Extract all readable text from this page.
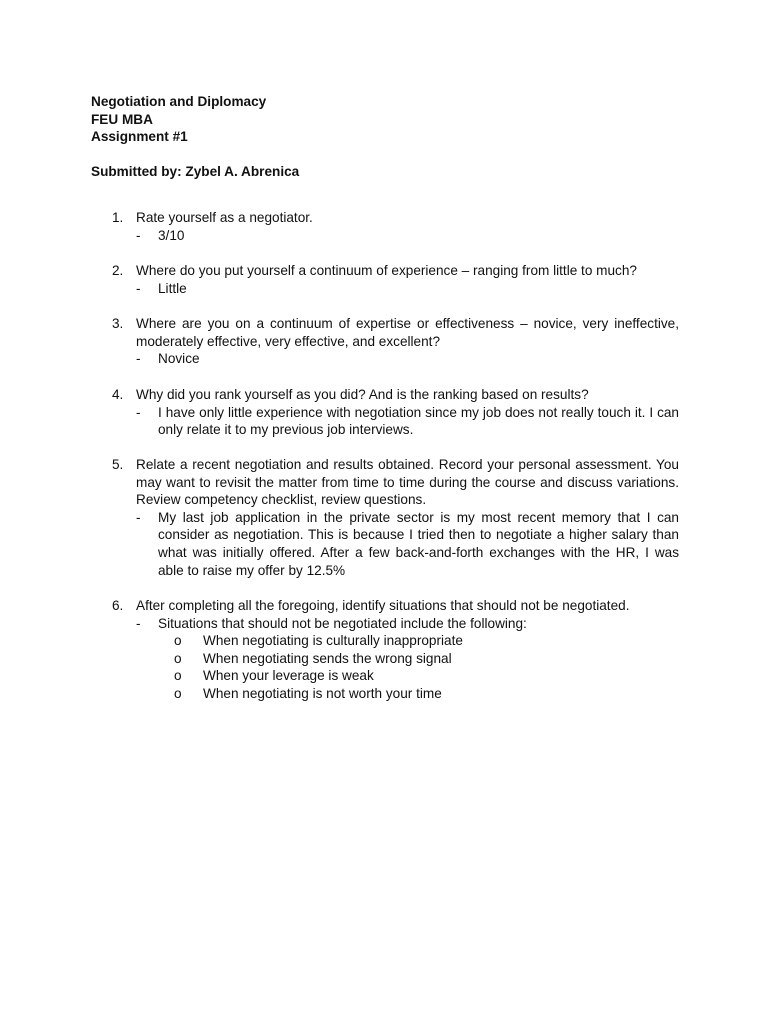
Negotiation and Diplomacy
FEU MBA
Assignment #1
Submitted by: Zybel A. Abrenica
1. Rate yourself as a negotiator.
-	3/10
2. Where do you put yourself a continuum of experience – ranging from little to much?
-	Little
3. Where are you on a continuum of expertise or effectiveness – novice, very ineffective, moderately effective, very effective, and excellent?
-	Novice
4. Why did you rank yourself as you did? And is the ranking based on results?
-	I have only little experience with negotiation since my job does not really touch it. I can only relate it to my previous job interviews.
5. Relate a recent negotiation and results obtained. Record your personal assessment. You may want to revisit the matter from time to time during the course and discuss variations. Review competency checklist, review questions.
-	My last job application in the private sector is my most recent memory that I can consider as negotiation. This is because I tried then to negotiate a higher salary than what was initially offered. After a few back-and-forth exchanges with the HR, I was able to raise my offer by 12.5%
6. After completing all the foregoing, identify situations that should not be negotiated.
-	Situations that should not be negotiated include the following:
o	When negotiating is culturally inappropriate
o	When negotiating sends the wrong signal
o	When your leverage is weak
o	When negotiating is not worth your time
